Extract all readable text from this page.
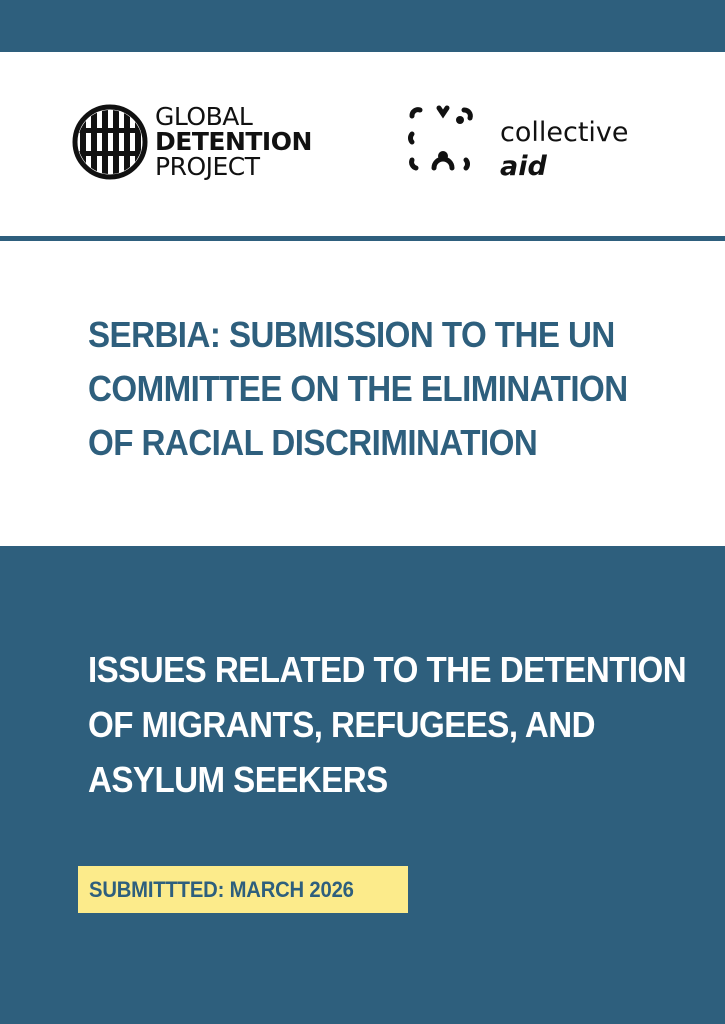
GLOBAL
DETENTION
PROJECT
collective
aid
SERBIA: SUBMISSION TO THE UN
COMMITTEE ON THE ELIMINATION
OF RACIAL DISCRIMINATION
ISSUES RELATED TO THE DETENTION
OF MIGRANTS, REFUGEES, AND
ASYLUM SEEKERS
SUBMITTTED: MARCH 2026
